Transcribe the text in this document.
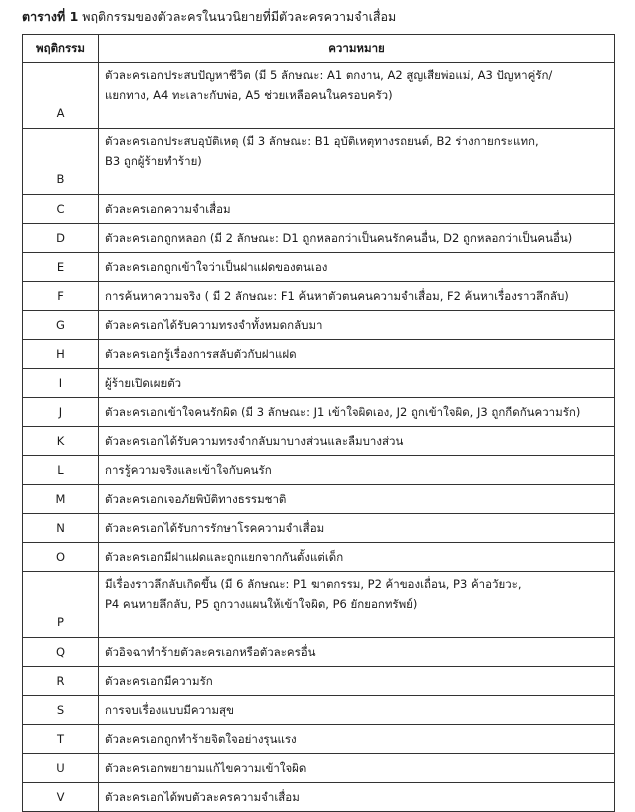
ตารางที่ 1 พฤติกรรมของตัวละครในนวนิยายที่มีตัวละครความจำเสื่อม
พฤติกรรม	ความหมาย
A	ตัวละครเอกประสบปัญหาชีวิต (มี 5 ลักษณะ: A1 ตกงาน, A2 สูญเสียพ่อแม่, A3 ปัญหาคู่รัก/
แยกทาง, A4 ทะเลาะกับพ่อ, A5 ช่วยเหลือคนในครอบครัว)

B	ตัวละครเอกประสบอุบัติเหตุ (มี 3 ลักษณะ: B1 อุบัติเหตุทางรถยนต์, B2 ร่างกายกระแทก,
B3 ถูกผู้ร้ายทำร้าย)

C	ตัวละครเอกความจำเสื่อม

D	ตัวละครเอกถูกหลอก (มี 2 ลักษณะ: D1 ถูกหลอกว่าเป็นคนรักคนอื่น, D2 ถูกหลอกว่าเป็นคนอื่น)

E	ตัวละครเอกถูกเข้าใจว่าเป็นฝาแฝดของตนเอง

F	การค้นหาความจริง ( มี 2 ลักษณะ: F1 ค้นหาตัวตนคนความจำเสื่อม, F2 ค้นหาเรื่องราวลึกลับ)

G	ตัวละครเอกได้รับความทรงจำทั้งหมดกลับมา

H	ตัวละครเอกรู้เรื่องการสลับตัวกับฝาแฝด

I	ผู้ร้ายเปิดเผยตัว

J	ตัวละครเอกเข้าใจคนรักผิด (มี 3 ลักษณะ: J1 เข้าใจผิดเอง, J2 ถูกเข้าใจผิด, J3 ถูกกีดกันความรัก)

K	ตัวละครเอกได้รับความทรงจำกลับมาบางส่วนและลืมบางส่วน

L	การรู้ความจริงและเข้าใจกับคนรัก

M	ตัวละครเอกเจอภัยพิบัติทางธรรมชาติ

N	ตัวละครเอกได้รับการรักษาโรคความจำเสื่อม

O	ตัวละครเอกมีฝาแฝดและถูกแยกจากกันตั้งแต่เด็ก

P	มีเรื่องราวลึกลับเกิดขึ้น (มี 6 ลักษณะ: P1 ฆาตกรรม, P2 ค้าของเถื่อน, P3 ค้าอวัยวะ,
P4 คนหายลึกลับ, P5 ถูกวางแผนให้เข้าใจผิด, P6 ยักยอกทรัพย์)

Q	ตัวอิจฉาทำร้ายตัวละครเอกหรือตัวละครอื่น

R	ตัวละครเอกมีความรัก

S	การจบเรื่องแบบมีความสุข

T	ตัวละครเอกถูกทำร้ายจิตใจอย่างรุนแรง

U	ตัวละครเอกพยายามแก้ไขความเข้าใจผิด

V	ตัวละครเอกได้พบตัวละครความจำเสื่อม
